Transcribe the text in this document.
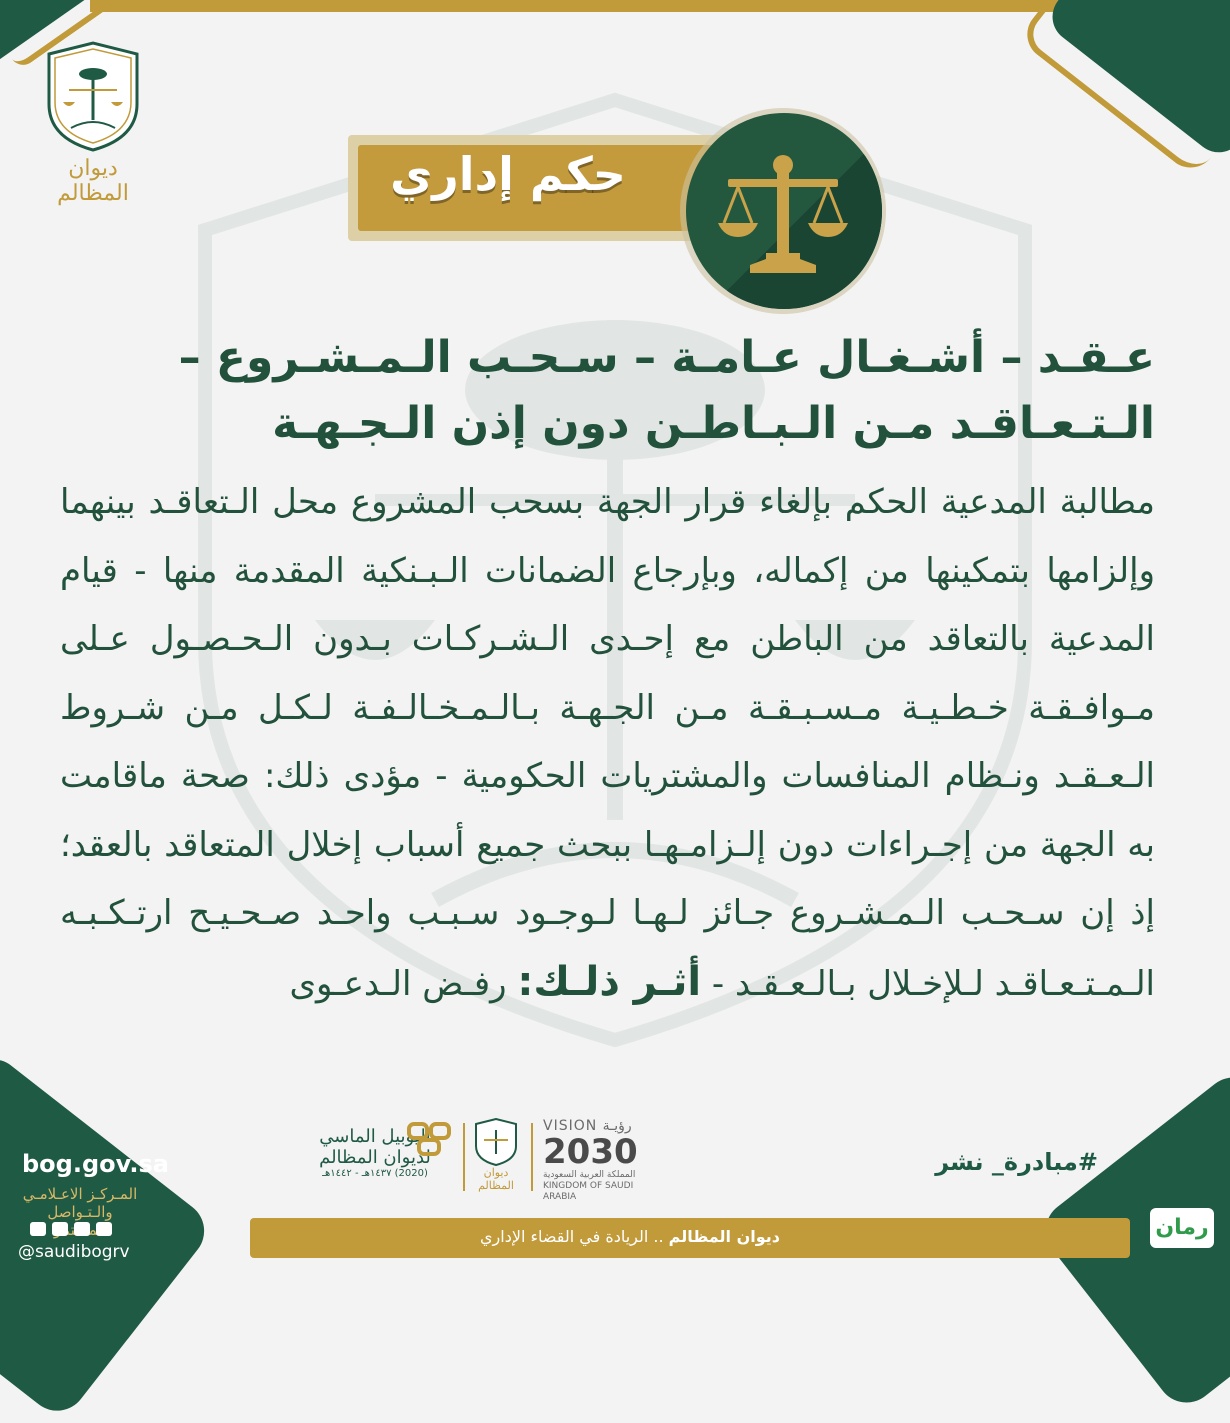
ديوان المظالم	حكم إداري
عـقـد – أشـغـال عـامـة – سـحـب الـمـشـروع –
الـتـعـاقـد مـن الـبـاطـن دون إذن الـجـهـة
مطالبة المدعية الحكم بإلغاء قرار الجهة بسحب المشروع محل الـتعاقـد بينهما وإلزامها بتمكينها من إكماله، وبإرجاع الضمانات الـبـنكية المقدمة منها - قيام المدعية بالتعاقد من الباطن مع إحـدى الـشـركـات بـدون الـحـصـول عـلى مـوافـقـة خـطـيـة مـسـبـقـة مـن الجـهـة بـالـمـخـالـفـة لـكـل مـن شـروط الـعـقـد ونـظام المنافسات والمشتريات الحكومية - مؤدى ذلك: صحة ماقامت به الجهة من إجـراءات دون إلـزامـهـا ببحث جميع أسباب إخلال المتعاقد بالعقد؛ إذ إن سـحـب الـمـشـروع جـائز لـهـا لـوجـود سـبـب واحـد صـحـيـح ارتـكـبـه الـمـتـعـاقـد لـلإخـلال بـالـعـقـد - أثـر ذلـك: رفـض الـدعـوى
#مبادرة_ نشر
bog.gov.sa
المـركـز الاعـلامـي
والـتـواصل
@saudibogrv
ديوان المظالم .. الريادة في القضاء الإداري
اليوبيل الماسي لديوان المظالم
(2020) ١٤٣٧هـ - ١٤٤٢هـ	ديوان المظالم
VISION رؤيـة
2030
المملكة العربية السعودية
KINGDOM OF SAUDI ARABIA
رمان
